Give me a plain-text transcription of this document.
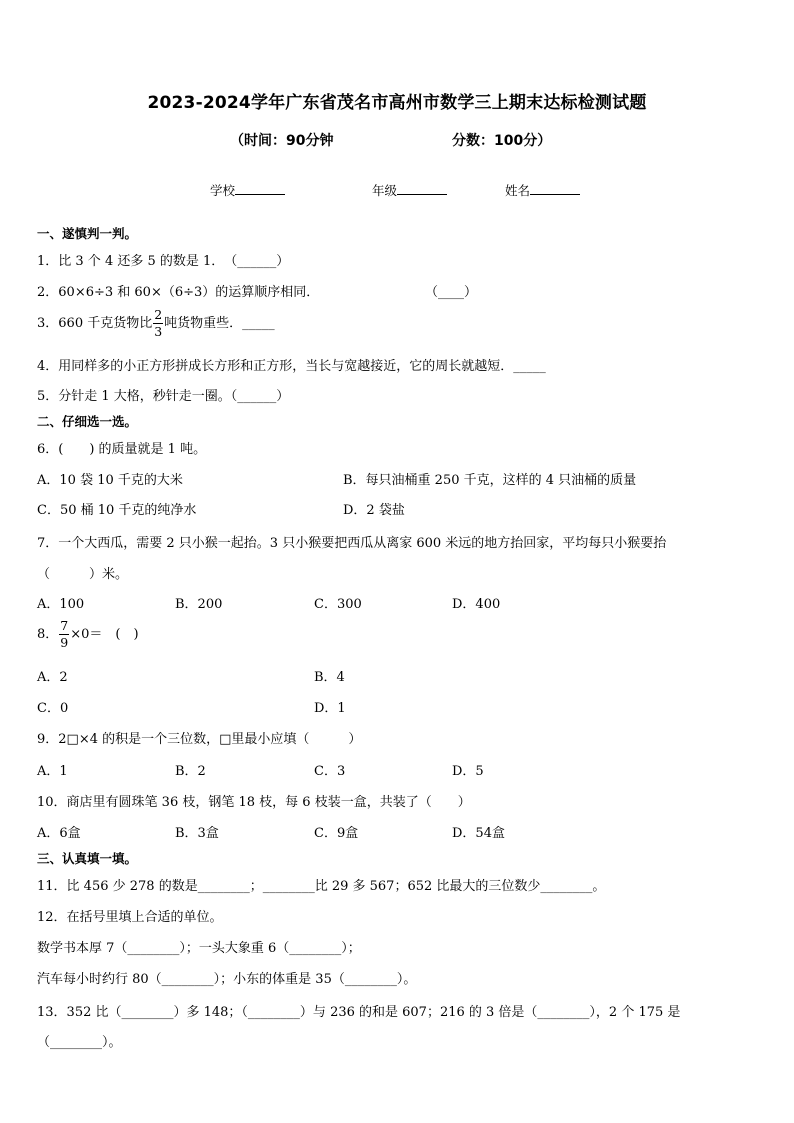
2023-2024学年广东省茂名市高州市数学三上期末达标检测试题
（时间：90分钟	分数：100分）
学校	年级	姓名
一、遂慎判一判。
1．比 3 个 4 还多 5 的数是 1．　（______）
2．60×6÷3 和 60×（6÷3）的运算顺序相同．	（____）
3．660 千克货物比 $\frac{2}{3}$ 吨货物重些．_____
4．用同样多的小正方形拼成长方形和正方形，当长与宽越接近，它的周长就越短．_____
5．分针走 1 大格，秒针走一圈。（______）
二、仔细选一选。
6．(　　) 的质量就是 1 吨。
A．10 袋 10 千克的大米	B．每只油桶重 250 千克，这样的 4 只油桶的质量
C．50 桶 10 千克的纯净水	D．2 袋盐
7．一个大西瓜，需要 2 只小猴一起抬。3 只小猴要把西瓜从离家 600 米远的地方抬回家，平均每只小猴要抬
（　　　）米。
A．100	B．200	C．300	D．400
8． $\frac{7}{9} \times 0=$　(　)
A．2	B．4
C．0	D．1
9．2□×4 的积是一个三位数，□里最小应填（　　　）
A．1	B．2	C．3	D．5
10．商店里有圆珠笔 36 枝，钢笔 18 枝，每 6 枝装一盒，共装了（　　）
A．6盒	B．3盒	C．9盒	D．54盒
三、认真填一填。
11．比 456 少 278 的数是________；________比 29 多 567；652 比最大的三位数少________。
12．在括号里填上合适的单位。
数学书本厚 7（________）；一头大象重 6（________）；
汽车每小时约行 80（________）；小东的体重是 35（________）。
13．352 比（________）多 148；（________）与 236 的和是 607；216 的 3 倍是（________），2 个 175 是
（________）。
